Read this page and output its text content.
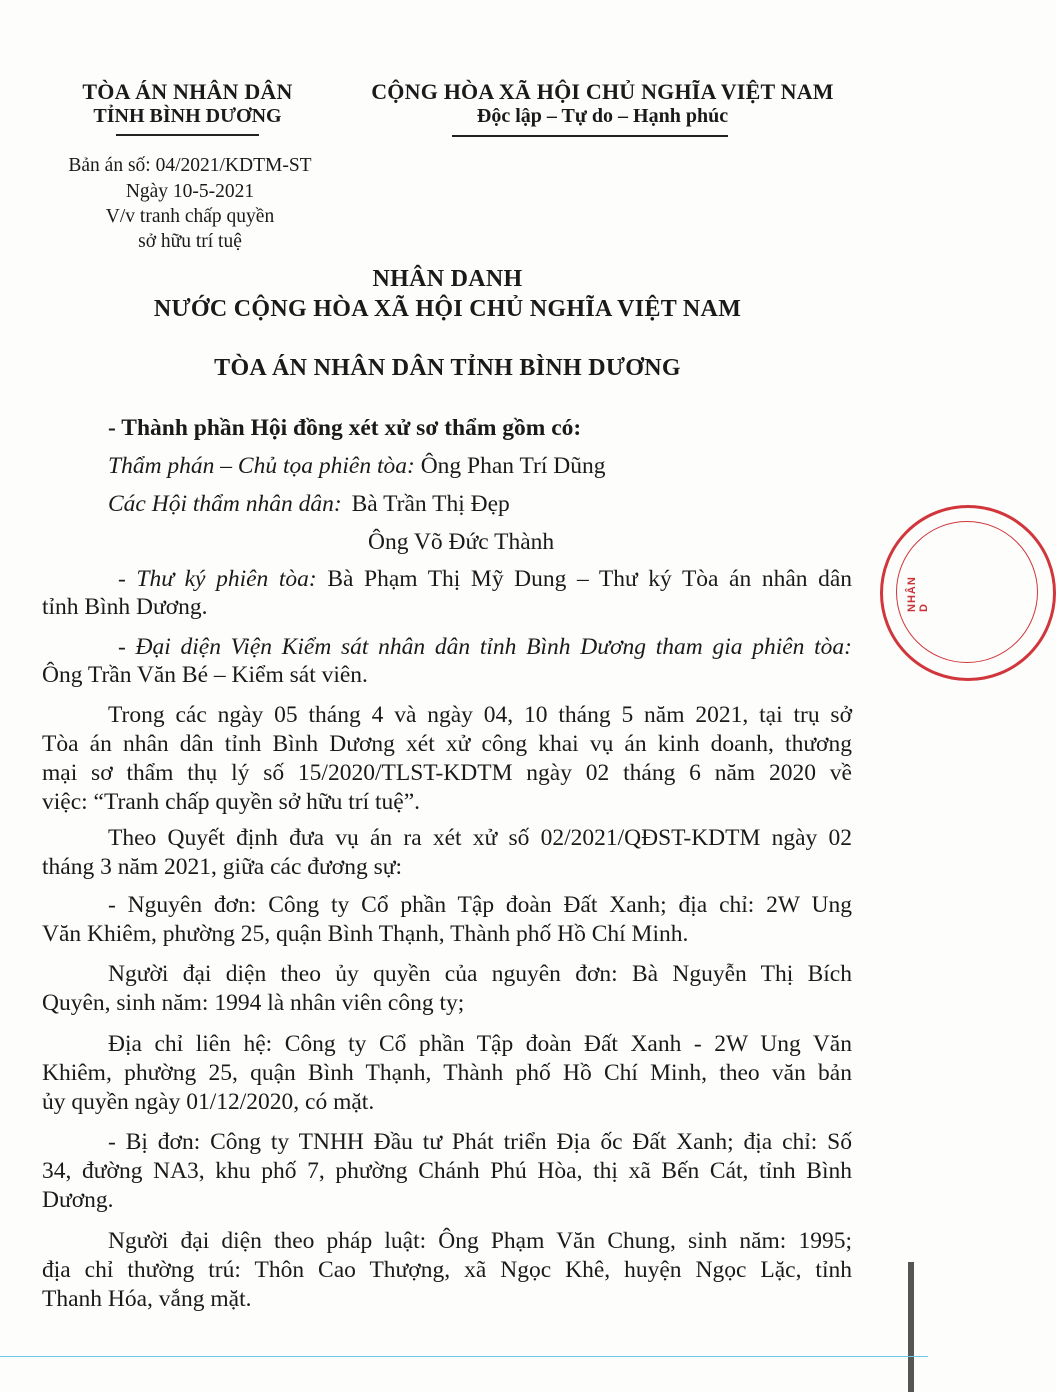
TÒA ÁN NHÂN DÂN
TỈNH BÌNH DƯƠNG
CỘNG HÒA XÃ HỘI CHỦ NGHĨA VIỆT NAM
Độc lập – Tự do – Hạnh phúc
Bản án số: 04/2021/KDTM-ST
Ngày 10-5-2021
V/v tranh chấp quyền
sở hữu trí tuệ
NHÂN DANH
NƯỚC CỘNG HÒA XÃ HỘI CHỦ NGHĨA VIỆT NAM
TÒA ÁN NHÂN DÂN TỈNH BÌNH DƯƠNG
- Thành phần Hội đồng xét xử sơ thẩm gồm có:
Thẩm phán – Chủ tọa phiên tòa: Ông Phan Trí Dũng
Các Hội thẩm nhân dân: Bà Trần Thị Đẹp
Ông Võ Đức Thành
- Thư ký phiên tòa: Bà Phạm Thị Mỹ Dung – Thư ký Tòa án nhân dân
tỉnh Bình Dương.
- Đại diện Viện Kiểm sát nhân dân tỉnh Bình Dương tham gia phiên tòa:
Ông Trần Văn Bé – Kiểm sát viên.
Trong các ngày 05 tháng 4 và ngày 04, 10 tháng 5 năm 2021, tại trụ sở
Tòa án nhân dân tỉnh Bình Dương xét xử công khai vụ án kinh doanh, thương
mại sơ thẩm thụ lý số 15/2020/TLST-KDTM ngày 02 tháng 6 năm 2020 về
việc: “Tranh chấp quyền sở hữu trí tuệ”.
Theo Quyết định đưa vụ án ra xét xử số 02/2021/QĐST-KDTM ngày 02
tháng 3 năm 2021, giữa các đương sự:
- Nguyên đơn: Công ty Cổ phần Tập đoàn Đất Xanh; địa chỉ: 2W Ung
Văn Khiêm, phường 25, quận Bình Thạnh, Thành phố Hồ Chí Minh.
Người đại diện theo ủy quyền của nguyên đơn: Bà Nguyễn Thị Bích
Quyên, sinh năm: 1994 là nhân viên công ty;
Địa chỉ liên hệ: Công ty Cổ phần Tập đoàn Đất Xanh - 2W Ung Văn
Khiêm, phường 25, quận Bình Thạnh, Thành phố Hồ Chí Minh, theo văn bản
ủy quyền ngày 01/12/2020, có mặt.
- Bị đơn: Công ty TNHH Đầu tư Phát triển Địa ốc Đất Xanh; địa chỉ: Số
34, đường NA3, khu phố 7, phường Chánh Phú Hòa, thị xã Bến Cát, tỉnh Bình
Dương.
Người đại diện theo pháp luật: Ông Phạm Văn Chung, sinh năm: 1995;
địa chỉ thường trú: Thôn Cao Thượng, xã Ngọc Khê, huyện Ngọc Lặc, tỉnh
Thanh Hóa, vắng mặt.
NHÂN D
